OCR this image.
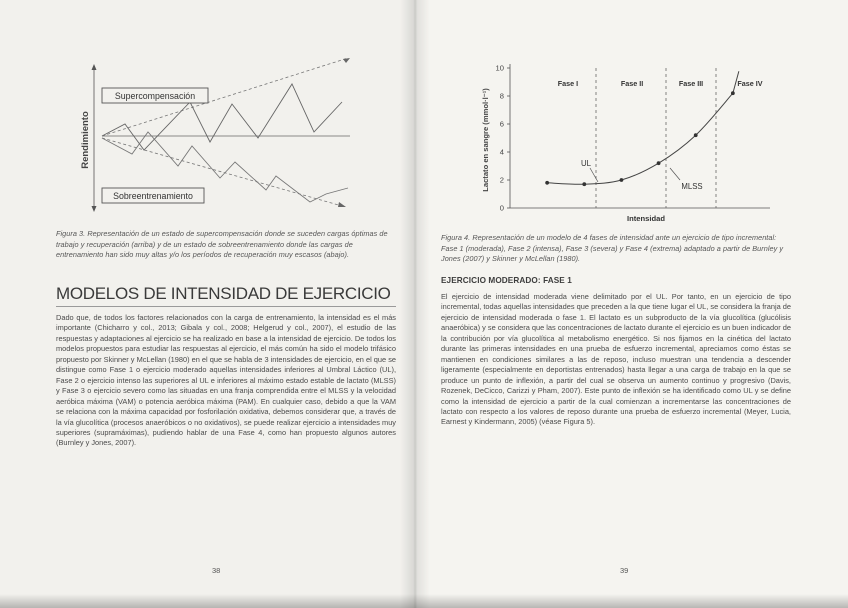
Rendimiento
Supercompensación
Sobreentrenamiento
Figura 3. Representación de un estado de supercompensación donde se suceden cargas óptimas de trabajo y recuperación (arriba) y de un estado de sobreentrenamiento donde las cargas de entrenamiento han sido muy altas y/o los períodos de recuperación muy escasos (abajo).
MODELOS DE INTENSIDAD DE EJERCICIO
Dado que, de todos los factores relacionados con la carga de entrenamiento, la intensidad es el más importante (Chicharro y col., 2013; Gibala y col., 2008; Helgerud y col., 2007), el estudio de las respuestas y adaptaciones al ejercicio se ha realizado en base a la intensidad de ejercicio. De todos los modelos propuestos para estudiar las respuestas al ejercicio, el más común ha sido el modelo trifásico propuesto por Skinner y McLellan (1980) en el que se habla de 3 intensidades de ejercicio, en el que se distingue como Fase 1 o ejercicio moderado aquellas intensidades inferiores al Umbral Láctico (UL), Fase 2 o ejercicio intenso las superiores al UL e inferiores al máximo estado estable de lactato (MLSS) y Fase 3 o ejercicio severo como las situadas en una franja comprendida entre el MLSS y la velocidad aeróbica máxima (VAM) o potencia aeróbica máxima (PAM). En cualquier caso, debido a que la VAM se relaciona con la máxima capacidad por fosforilación oxidativa, debemos considerar que, a través de la vía glucolítica (procesos anaeróbicos o no oxidativos), se puede realizar ejercicio a intensidades muy superiores (supramáximas), pudiendo hablar de una Fase 4, como han propuesto algunos autores (Burnley y Jones, 2007).
38
Lactato en sangre (mmol·l⁻¹)
0
2
4
6
8
10
Fase I	Fase II	Fase III	Fase IV
UL
MLSS
Intensidad
Figura 4. Representación de un modelo de 4 fases de intensidad ante un ejercicio de tipo incremental: Fase 1 (moderada), Fase 2 (intensa), Fase 3 (severa) y Fase 4 (extrema) adaptado a partir de Burnley y Jones (2007) y Skinner y McLellan (1980).
EJERCICIO MODERADO: FASE 1
El ejercicio de intensidad moderada viene delimitado por el UL. Por tanto, en un ejercicio de tipo incremental, todas aquellas intensidades que preceden a la que tiene lugar el UL, se considera la franja de ejercicio de intensidad moderada o fase 1. El lactato es un subproducto de la vía glucolítica (glucólisis anaeróbica) y se considera que las concentraciones de lactato durante el ejercicio es un buen indicador de la contribución por vía glucolítica al metabolismo energético. Si nos fijamos en la cinética del lactato durante las primeras intensidades en una prueba de esfuerzo incremental, apreciamos como éstas se mantienen en condiciones similares a las de reposo, incluso muestran una tendencia a descender ligeramente (especialmente en deportistas entrenados) hasta llegar a una carga de trabajo en la que se produce un punto de inflexión, a partir del cual se observa un aumento continuo y progresivo (Davis, Rozenek, DeCicco, Carizzi y Pham, 2007). Este punto de inflexión se ha identificado como UL y se define como la intensidad de ejercicio a partir de la cual comienzan a incrementarse las concentraciones de lactato con respecto a los valores de reposo durante una prueba de esfuerzo incremental (Meyer, Lucia, Earnest y Kindermann, 2005) (véase Figura 5).
39
